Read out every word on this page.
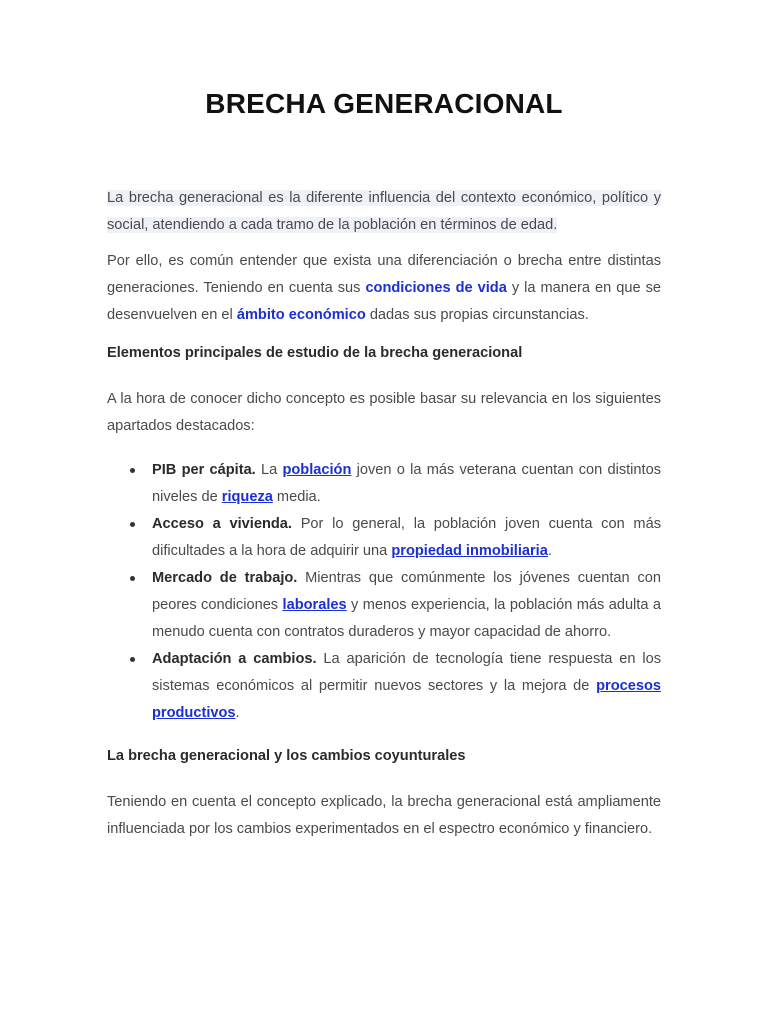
BRECHA GENERACIONAL

La brecha generacional es la diferente influencia del contexto económico, político y social, atendiendo a cada tramo de la población en términos de edad.

Por ello, es común entender que exista una diferenciación o brecha entre distintas generaciones. Teniendo en cuenta sus condiciones de vida y la manera en que se desenvuelven en el ámbito económico dadas sus propias circunstancias.

Elementos principales de estudio de la brecha generacional

A la hora de conocer dicho concepto es posible basar su relevancia en los siguientes apartados destacados:

PIB per cápita. La población joven o la más veterana cuentan con distintos niveles de riqueza media.
Acceso a vivienda. Por lo general, la población joven cuenta con más dificultades a la hora de adquirir una propiedad inmobiliaria.
Mercado de trabajo. Mientras que comúnmente los jóvenes cuentan con peores condiciones laborales y menos experiencia, la población más adulta a menudo cuenta con contratos duraderos y mayor capacidad de ahorro.
Adaptación a cambios. La aparición de tecnología tiene respuesta en los sistemas económicos al permitir nuevos sectores y la mejora de procesos productivos.

La brecha generacional y los cambios coyunturales

Teniendo en cuenta el concepto explicado, la brecha generacional está ampliamente influenciada por los cambios experimentados en el espectro económico y financiero.
